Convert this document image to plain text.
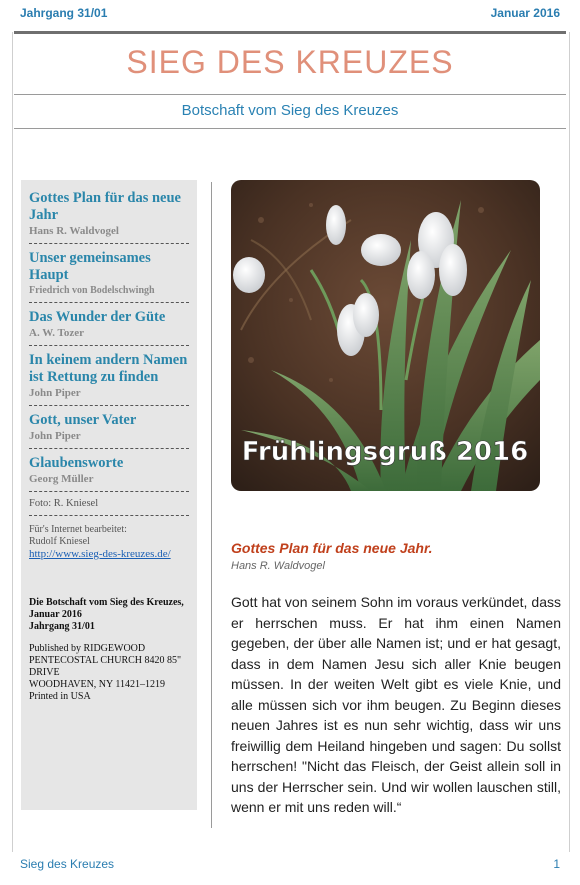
Jahrgang 31/01	Januar 2016
SIEG DES KREUZES
Botschaft vom Sieg des Kreuzes
Gottes Plan für das neue Jahr
Hans R. Waldvogel
Unser gemeinsames Haupt
Friedrich von Bodelschwingh
Das Wunder der Güte
A. W. Tozer
In keinem andern Namen ist Rettung zu finden
John Piper
Gott, unser Vater
John Piper
Glaubensworte
Georg Müller
Foto: R. Kniesel
Für's Internet bearbeitet:
Rudolf Kniesel
http://www.sieg-des-kreuzes.de/
Die Botschaft vom Sieg des Kreuzes, Januar 2016
Jahrgang 31/01
Published by RIDGEWOOD PENTECOSTAL CHURCH 8420 85" DRIVE
WOODHAVEN, NY 11421–1219
Printed in USA
Frühlingsgruß 2016
Gottes Plan für das neue Jahr.
Hans R. Waldvogel
Gott hat von seinem Sohn im voraus verkündet, dass er herrschen muss. Er hat ihm einen Namen gegeben, der über alle Namen ist; und er hat gesagt, dass in dem Namen Jesu sich aller Knie beugen müssen. In der weiten Welt gibt es viele Knie, und alle müssen sich vor ihm beugen. Zu Beginn dieses neuen Jahres ist es nun sehr wichtig, dass wir uns freiwillig dem Heiland hingeben und sagen: Du sollst herrschen! "Nicht das Fleisch, der Geist allein soll in uns der Herrscher sein. Und wir wollen lauschen still, wenn er mit uns reden will.“
Sieg des Kreuzes	1
